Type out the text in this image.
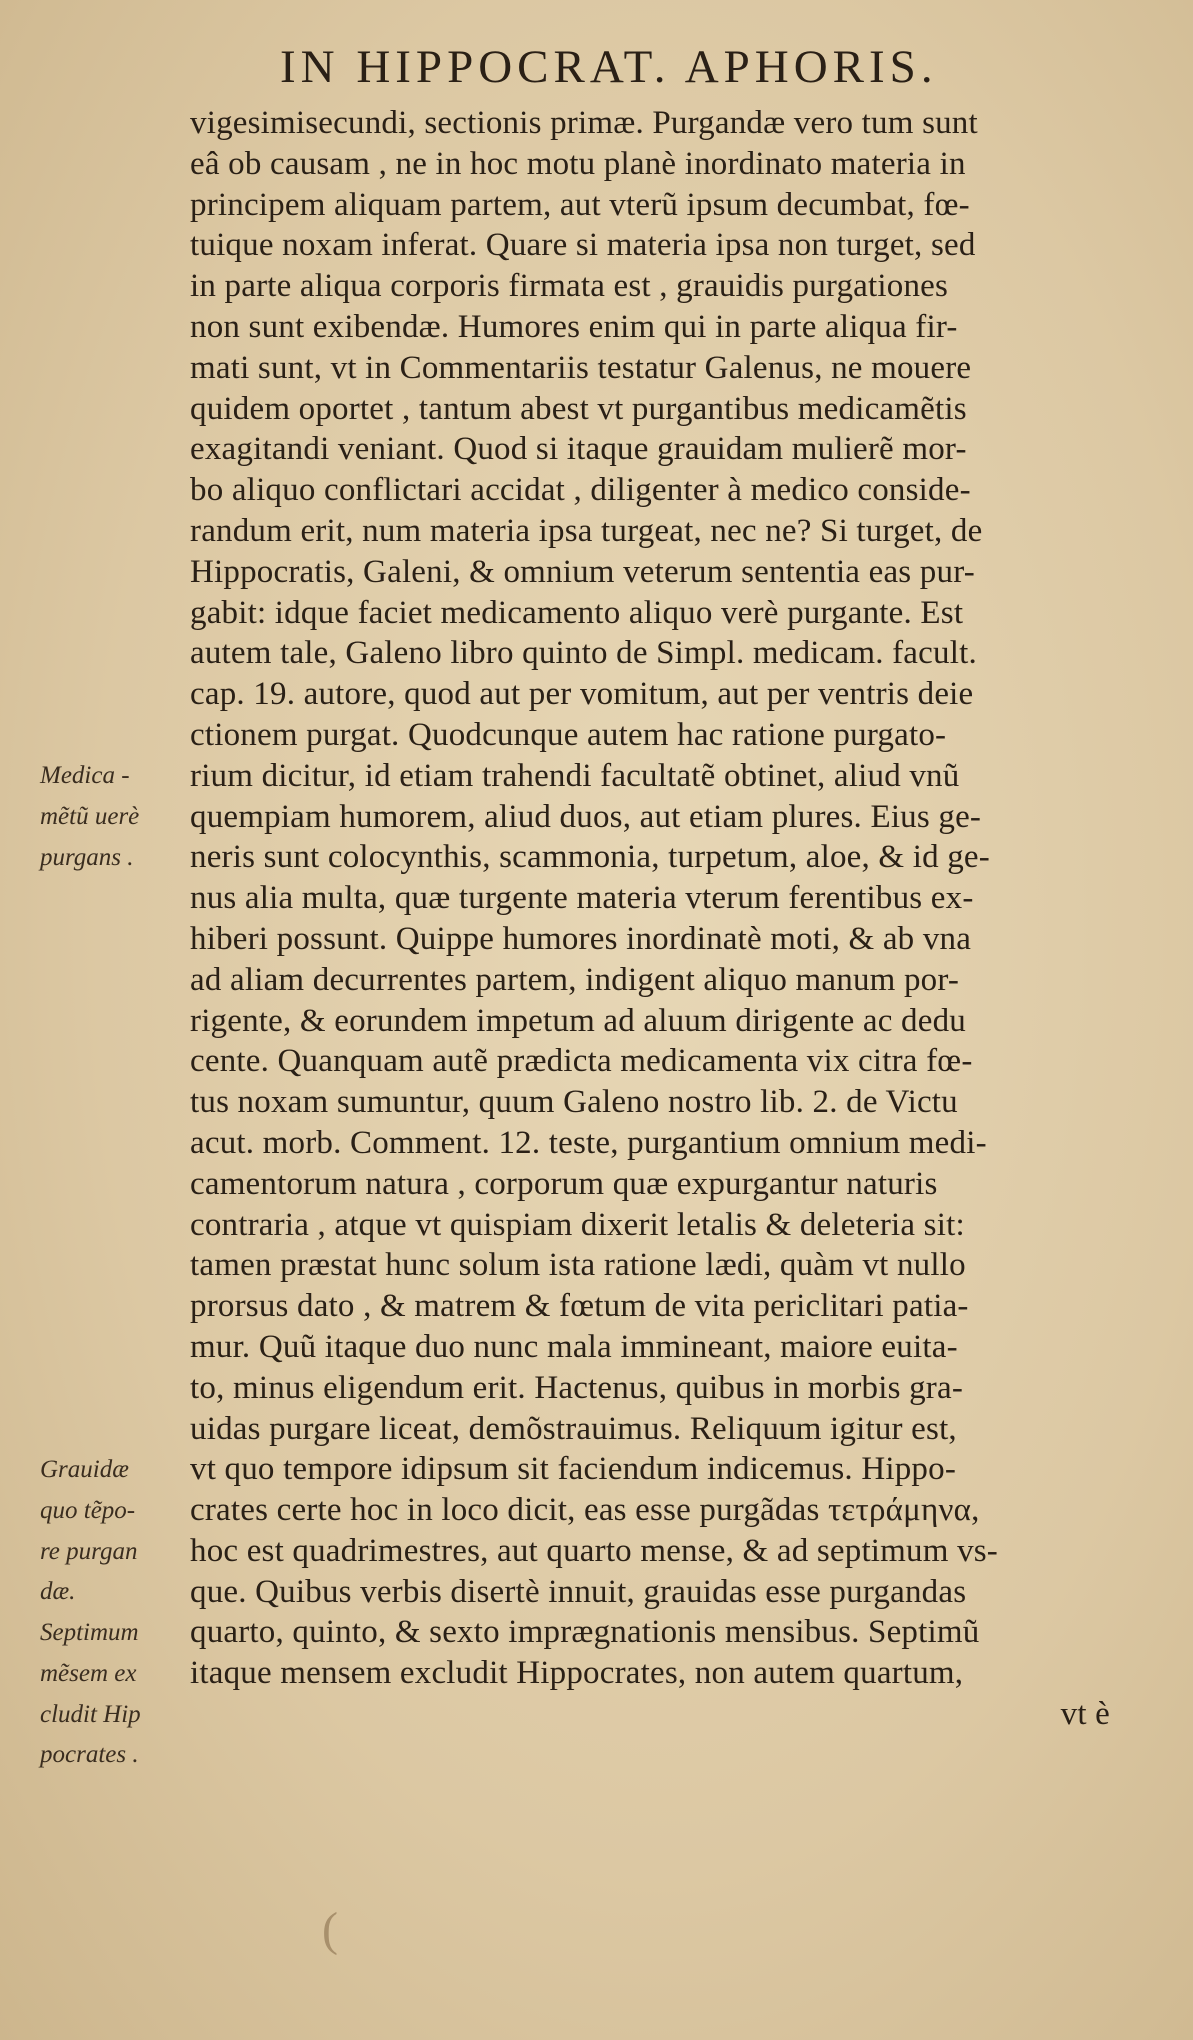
IN HIPPOCRAT. APHORIS.
vigesimisecundi, sectionis primæ. Purgandæ vero tum sunt
eâ ob causam , ne in hoc motu planè inordinato materia in
principem aliquam partem, aut vterũ ipsum decumbat, fœ-
tuique noxam inferat. Quare si materia ipsa non turget, sed
in parte aliqua corporis firmata est , grauidis purgationes
non sunt exibendæ. Humores enim qui in parte aliqua fir-
mati sunt, vt in Commentariis testatur Galenus, ne mouere
quidem oportet , tantum abest vt purgantibus medicamẽtis
exagitandi veniant. Quod si itaque grauidam mulierẽ mor-
bo aliquo conflictari accidat , diligenter à medico conside-
randum erit, num materia ipsa turgeat, nec ne? Si turget, de
Hippocratis, Galeni, & omnium veterum sententia eas pur-
gabit: idque faciet medicamento aliquo verè purgante. Est
autem tale, Galeno libro quinto de Simpl. medicam. facult.
cap. 19. autore, quod aut per vomitum, aut per ventris deie
ctionem purgat. Quodcunque autem hac ratione purgato-
rium dicitur, id etiam trahendi facultatẽ obtinet, aliud vnũ
quempiam humorem, aliud duos, aut etiam plures. Eius ge-
neris sunt colocynthis, scammonia, turpetum, aloe, & id ge-
nus alia multa, quæ turgente materia vterum ferentibus ex-
hiberi possunt. Quippe humores inordinatè moti, & ab vna
ad aliam decurrentes partem, indigent aliquo manum por-
rigente, & eorundem impetum ad aluum dirigente ac dedu
cente. Quanquam autẽ prædicta medicamenta vix citra fœ-
tus noxam sumuntur, quum Galeno nostro lib. 2. de Victu
acut. morb. Comment. 12. teste, purgantium omnium medi-
camentorum natura , corporum quæ expurgantur naturis
contraria , atque vt quispiam dixerit letalis & deleteria sit:
tamen præstat hunc solum ista ratione lædi, quàm vt nullo
prorsus dato , & matrem & fœtum de vita periclitari patia-
mur. Quũ itaque duo nunc mala immineant, maiore euita-
to, minus eligendum erit. Hactenus, quibus in morbis gra-
uidas purgare liceat, demõstrauimus. Reliquum igitur est,
vt quo tempore idipsum sit faciendum indicemus. Hippo-
crates certe hoc in loco dicit, eas esse purgãdas τετράμηνα,
hoc est quadrimestres, aut quarto mense, & ad septimum vs-
que. Quibus verbis disertè innuit, grauidas esse purgandas
quarto, quinto, & sexto imprægnationis mensibus. Septimũ
itaque mensem excludit Hippocrates, non autem quartum,
vt è
Medica -
mẽtũ uerè
purgans .
Grauidæ
quo tẽpo-
re purgan
dæ.
Septimum
mẽsem ex
cludit Hip
pocrates .
(
